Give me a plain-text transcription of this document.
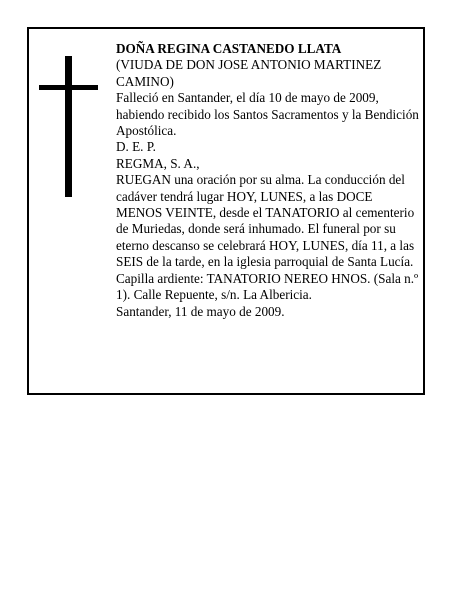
DOÑA REGINA CASTANEDO LLATA

(VIUDA DE DON JOSE ANTONIO MARTINEZ CAMINO)

Falleció en Santander, el día 10 de mayo de 2009, habiendo recibido los Santos Sacramentos y la Bendición Apostólica.

D. E. P.

REGMA, S. A.,

RUEGAN una oración por su alma. La conducción del cadáver tendrá lugar HOY, LUNES, a las DOCE MENOS VEINTE, desde el TANATORIO al cementerio de Muriedas, donde será inhumado. El funeral por su eterno descanso se celebrará HOY, LUNES, día 11, a las SEIS de la tarde, en la iglesia parroquial de Santa Lucía.

Capilla ardiente: TANATORIO NEREO HNOS. (Sala n.º 1). Calle Repuente, s/n. La Albericia.

Santander, 11 de mayo de 2009.
